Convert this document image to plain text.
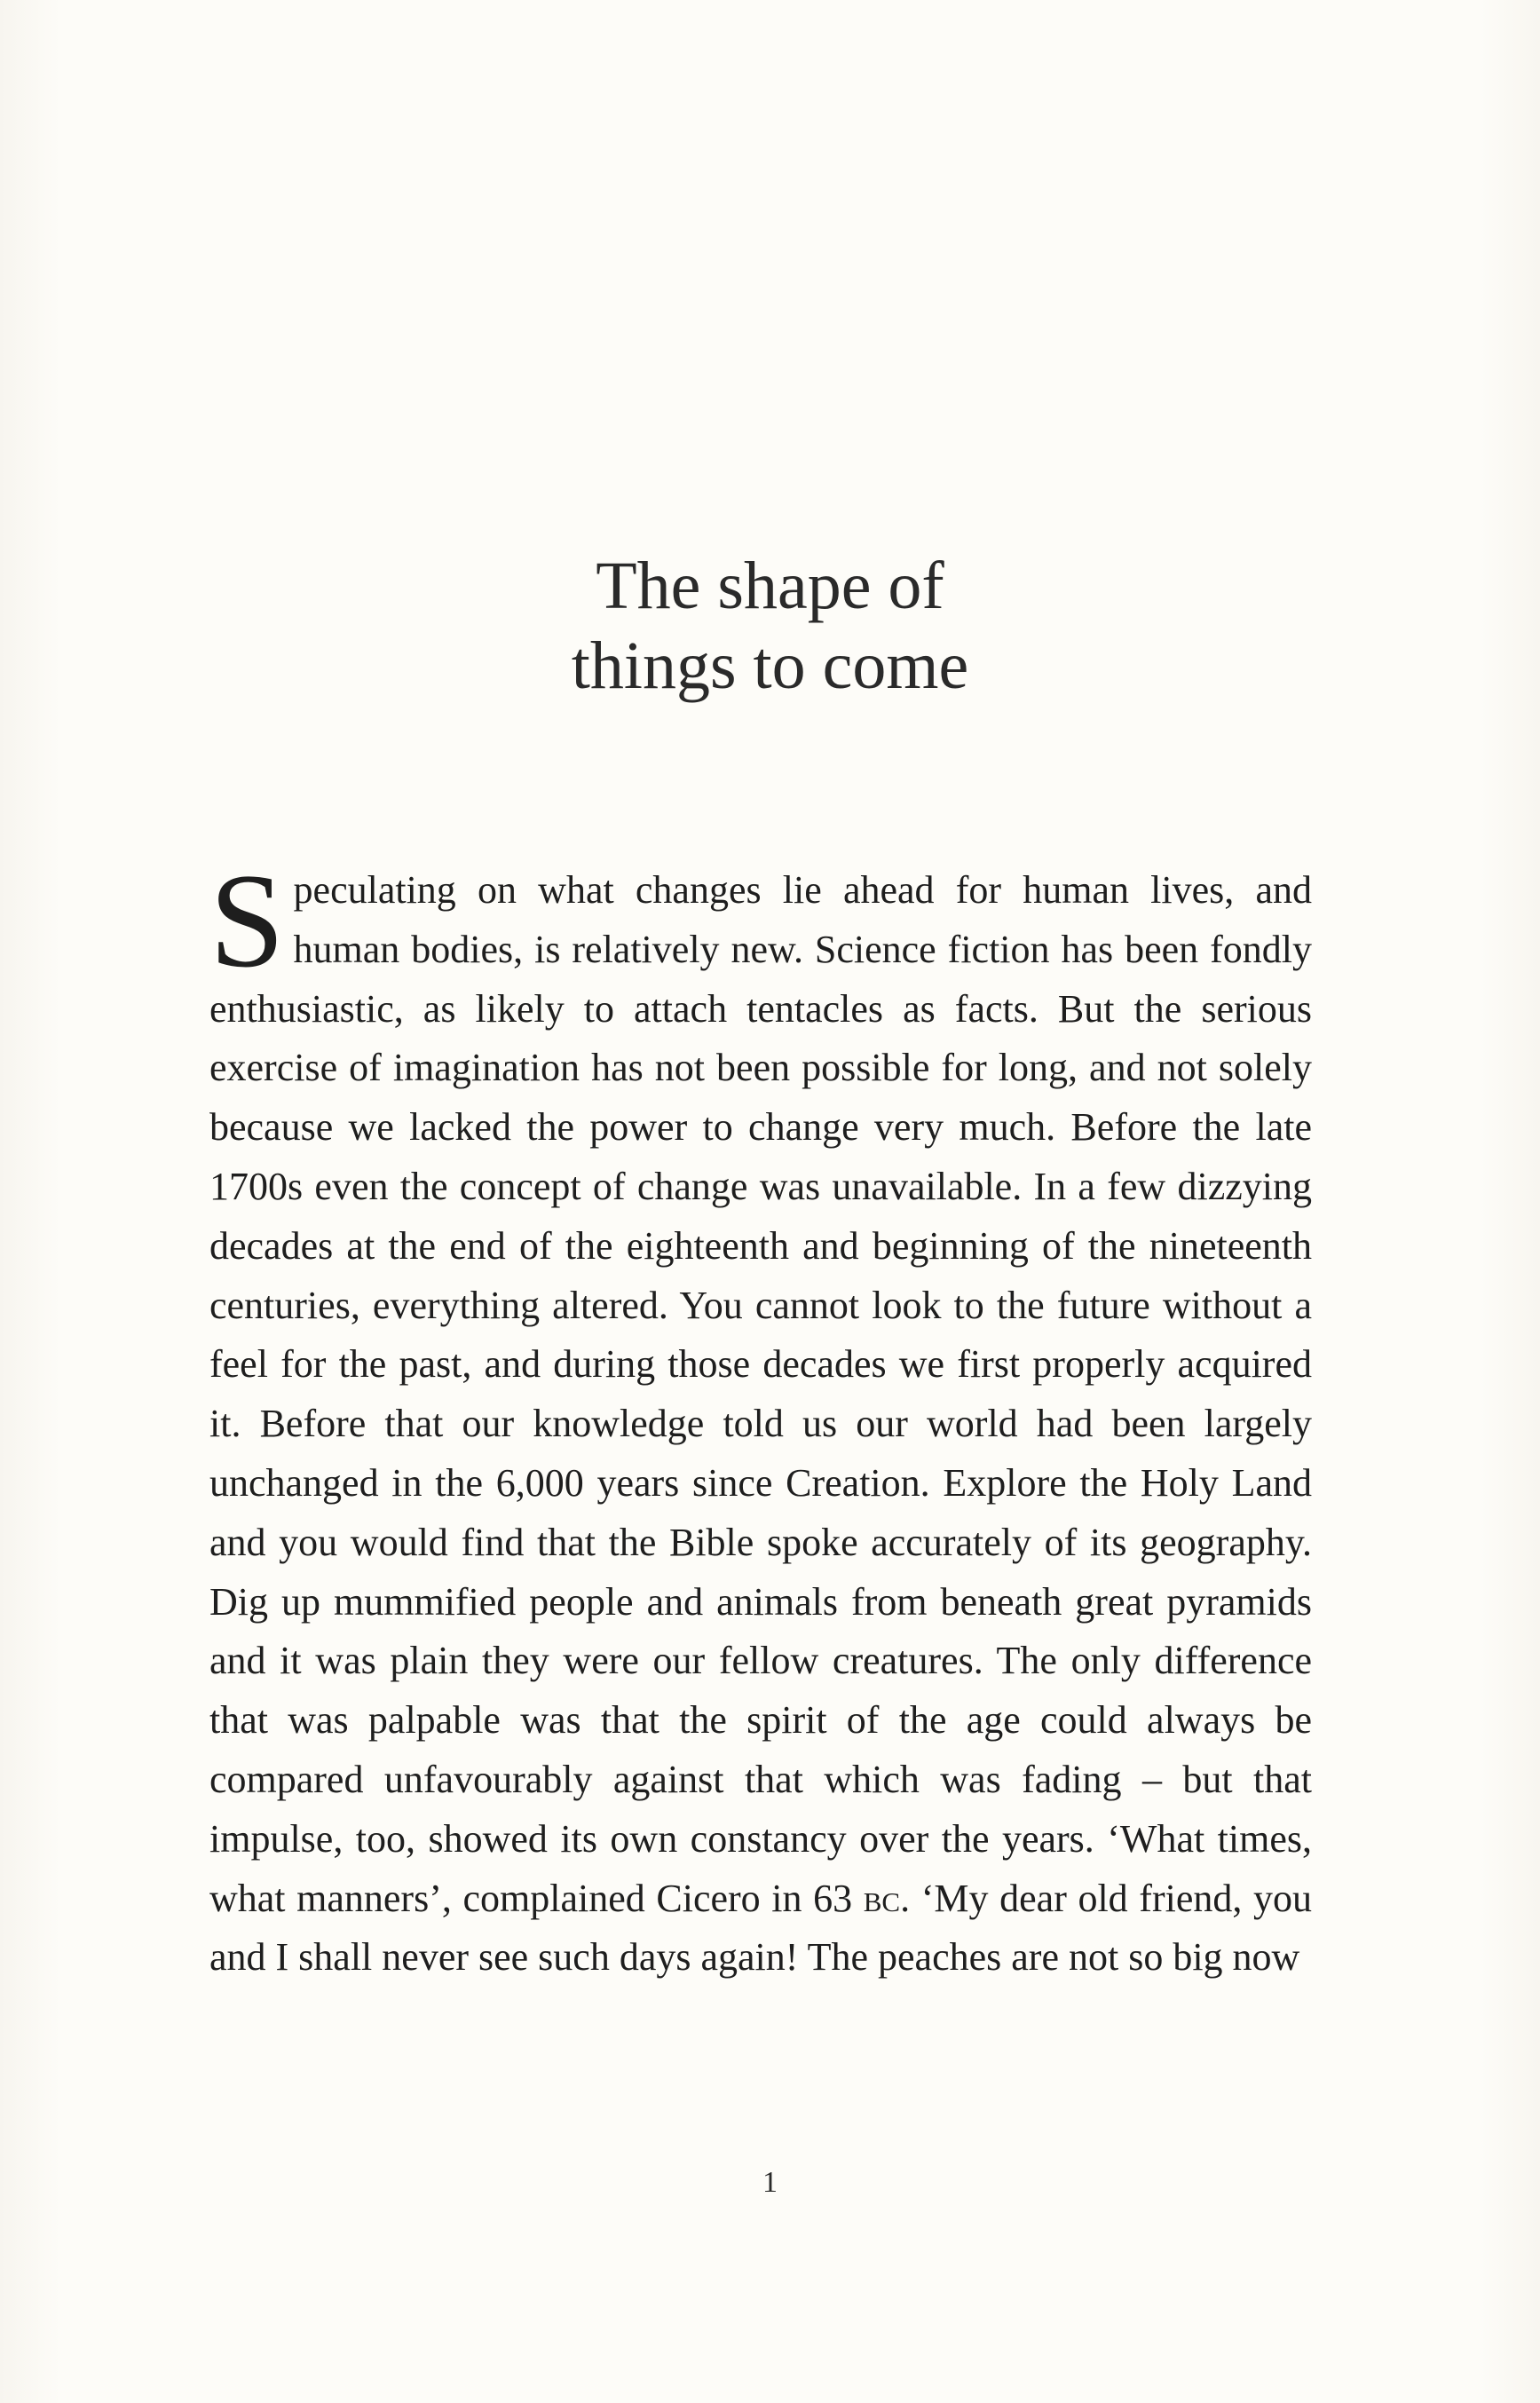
The shape of
things to come

Speculating on what changes lie ahead for human lives, and human bodies, is relatively new. Science fiction has been fondly enthusiastic, as likely to attach tentacles as facts. But the serious exercise of imagination has not been possible for long, and not solely because we lacked the power to change very much. Before the late 1700s even the concept of change was unavailable. In a few dizzying decades at the end of the eighteenth and beginning of the nineteenth centuries, everything altered. You cannot look to the future without a feel for the past, and during those decades we first properly acquired it. Before that our knowledge told us our world had been largely unchanged in the 6,000 years since Creation. Explore the Holy Land and you would find that the Bible spoke accurately of its geography. Dig up mummified people and animals from beneath great pyramids and it was plain they were our fellow creatures. The only difference that was palpable was that the spirit of the age could always be compared unfavourably against that which was fading – but that impulse, too, showed its own constancy over the years. ‘What times, what manners’, complained Cicero in 63 bc. ‘My dear old friend, you and I shall never see such days again! The peaches are not so big now

1
